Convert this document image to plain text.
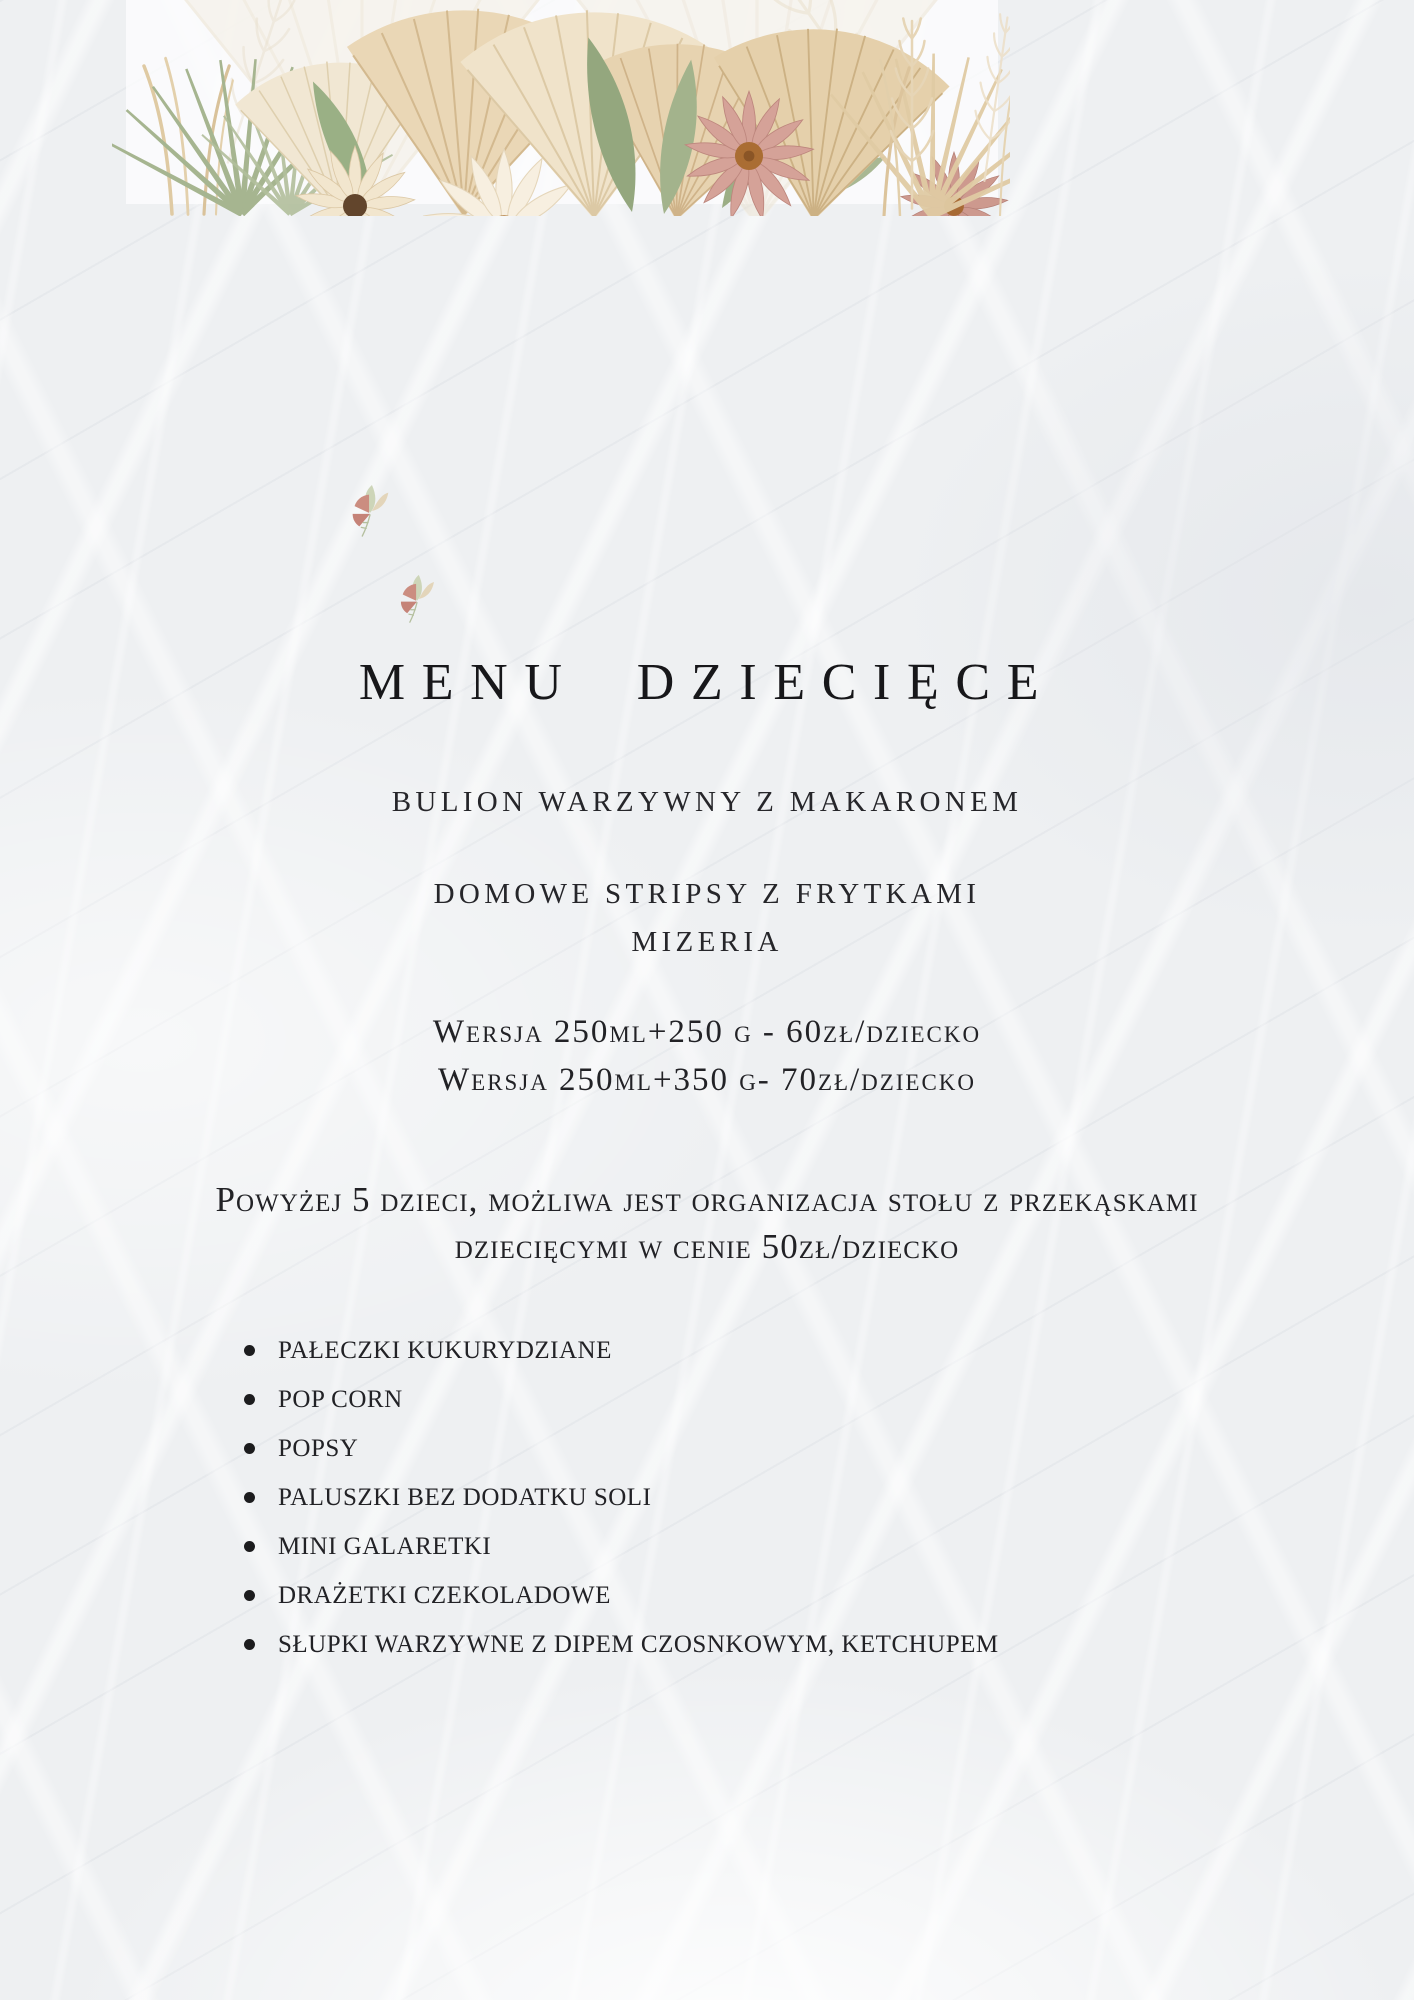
MENU DZIECIĘCE
BULION WARZYWNY Z MAKARONEM
DOMOWE STRIPSY Z FRYTKAMI
MIZERIA
Wersja 250ml+250 g - 60zł/dziecko
Wersja 250ml+350 g- 70zł/dziecko
Powyżej 5 dzieci, możliwa jest organizacja stołu z przekąskami
dziecięcymi w cenie 50zł/dziecko
PAŁECZKI KUKURYDZIANE
POP CORN
POPSY
PALUSZKI BEZ DODATKU SOLI
MINI GALARETKI
DRAŻETKI CZEKOLADOWE
SŁUPKI WARZYWNE Z DIPEM CZOSNKOWYM, KETCHUPEM
